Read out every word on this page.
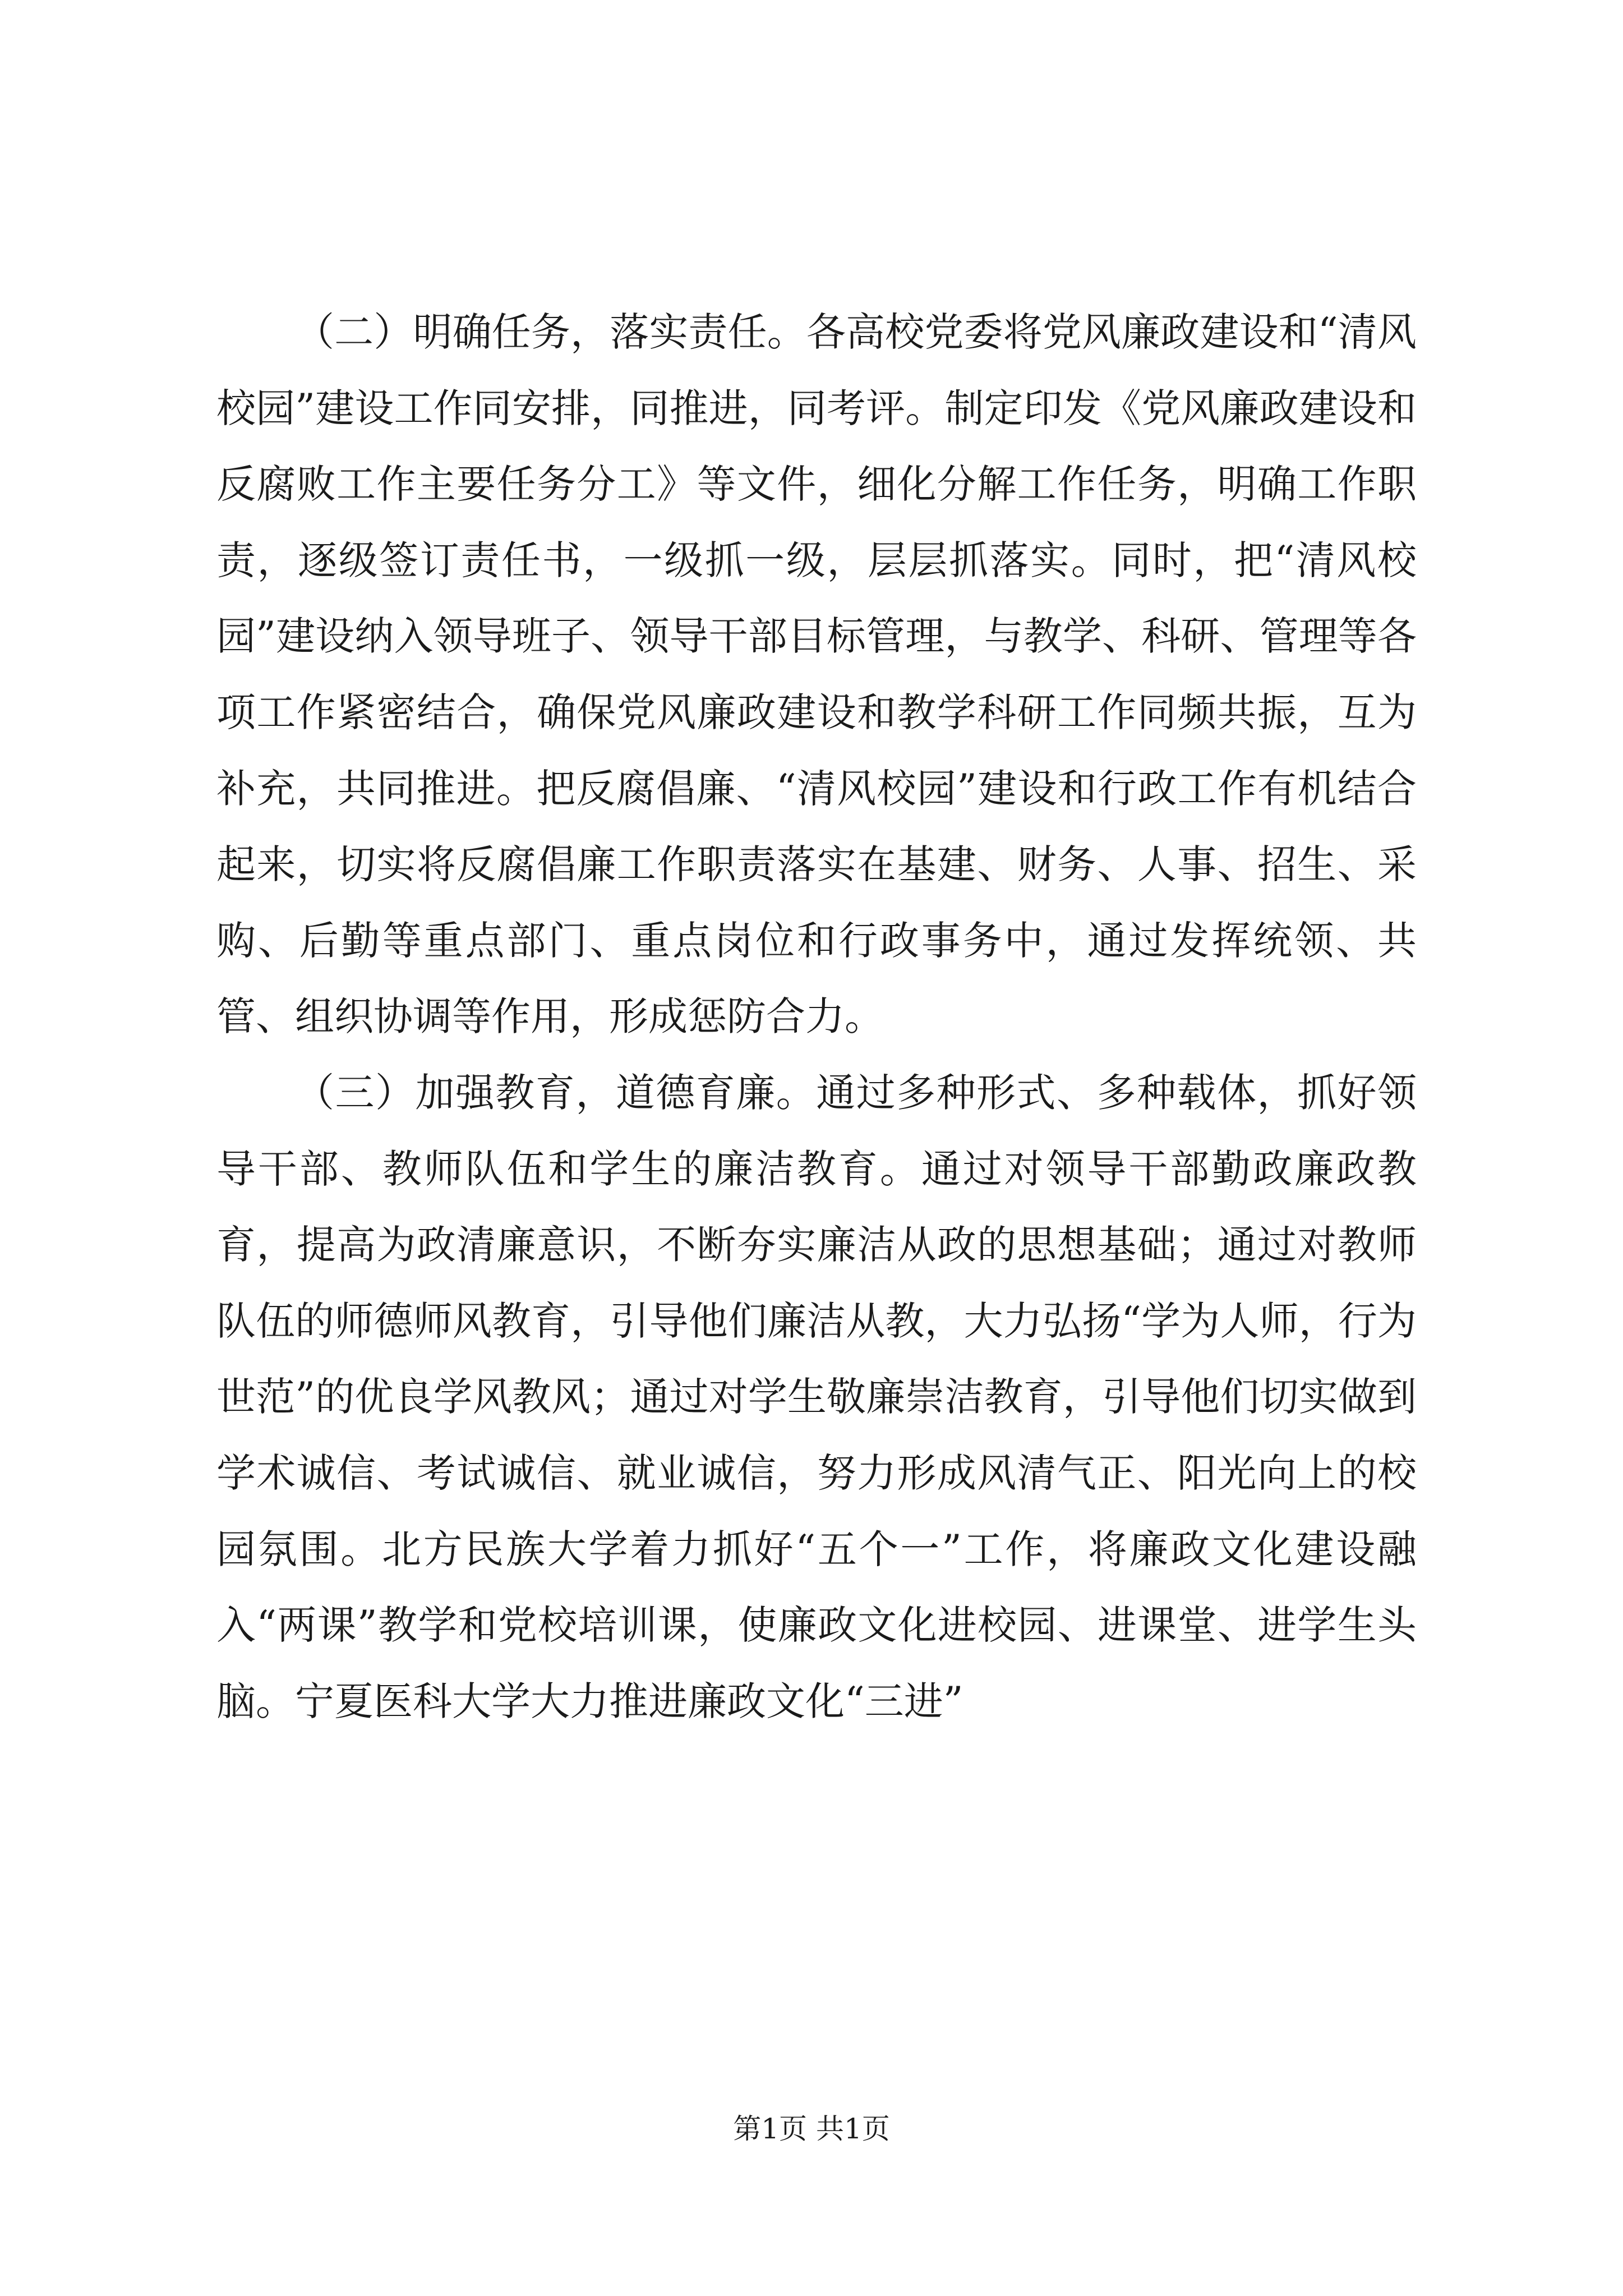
（二）明确任务，落实责任。各高校党委将党风廉政建设和“清风校园”建设工作同安排，同推进，同考评。制定印发《党风廉政建设和反腐败工作主要任务分工》等文件，细化分解工作任务，明确工作职责，逐级签订责任书，一级抓一级，层层抓落实。同时，把“清风校园”建设纳入领导班子、领导干部目标管理，与教学、科研、管理等各项工作紧密结合，确保党风廉政建设和教学科研工作同频共振，互为补充，共同推进。把反腐倡廉、“清风校园”建设和行政工作有机结合起来，切实将反腐倡廉工作职责落实在基建、财务、人事、招生、采购、后勤等重点部门、重点岗位和行政事务中，通过发挥统领、共管、组织协调等作用，形成惩防合力。

（三）加强教育，道德育廉。通过多种形式、多种载体，抓好领导干部、教师队伍和学生的廉洁教育。通过对领导干部勤政廉政教育，提高为政清廉意识，不断夯实廉洁从政的思想基础；通过对教师队伍的师德师风教育，引导他们廉洁从教，大力弘扬“学为人师，行为世范”的优良学风教风；通过对学生敬廉崇洁教育，引导他们切实做到学术诚信、考试诚信、就业诚信，努力形成风清气正、阳光向上的校园氛围。北方民族大学着力抓好“五个一”工作，将廉政文化建设融入“两课”教学和党校培训课，使廉政文化进校园、进课堂、进学生头脑。宁夏医科大学大力推进廉政文化“三进”

第1页 共1页
